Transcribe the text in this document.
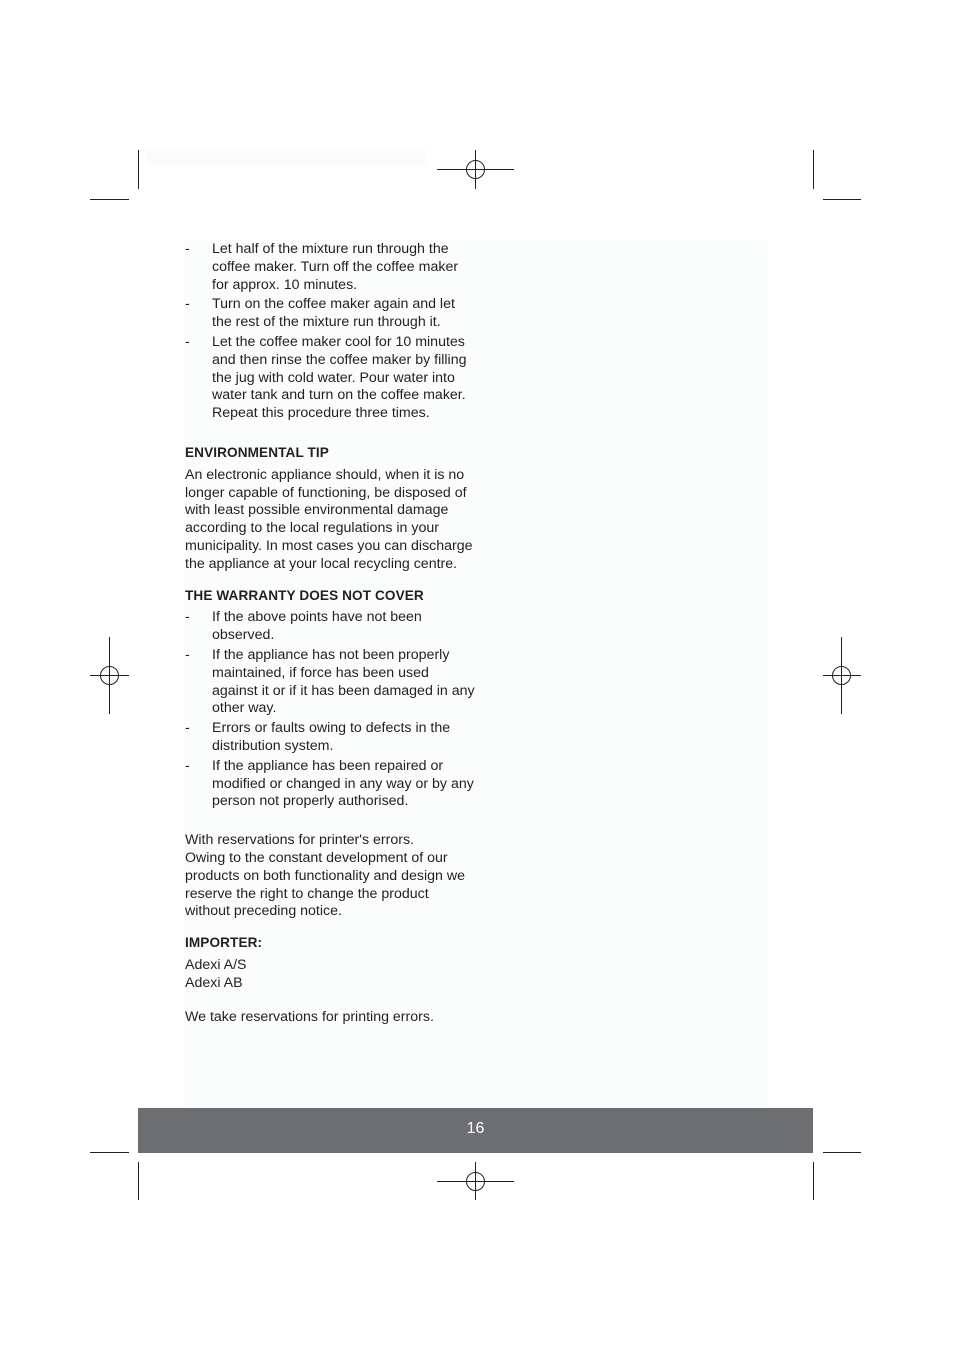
- Let half of the mixture run through the coffee maker. Turn off the coffee maker for approx. 10 minutes.
- Turn on the coffee maker again and let the rest of the mixture run through it.
- Let the coffee maker cool for 10 minutes and then rinse the coffee maker by filling the jug with cold water. Pour water into water tank and turn on the coffee maker. Repeat this procedure three times.
ENVIRONMENTAL TIP

An electronic appliance should, when it is no longer capable of functioning, be disposed of with least possible environmental damage according to the local regulations in your municipality. In most cases you can discharge the appliance at your local recycling centre.

THE WARRANTY DOES NOT COVER
- If the above points have not been observed.
- If the appliance has not been properly maintained, if force has been used against it or if it has been damaged in any other way.
- Errors or faults owing to defects in the distribution system.
- If the appliance has been repaired or modified or changed in any way or by any person not properly authorised.

With reservations for printer's errors.

Owing to the constant development of our products on both functionality and design we reserve the right to change the product without preceding notice.

IMPORTER:

Adexi A/S

Adexi AB

We take reservations for printing errors.

16
